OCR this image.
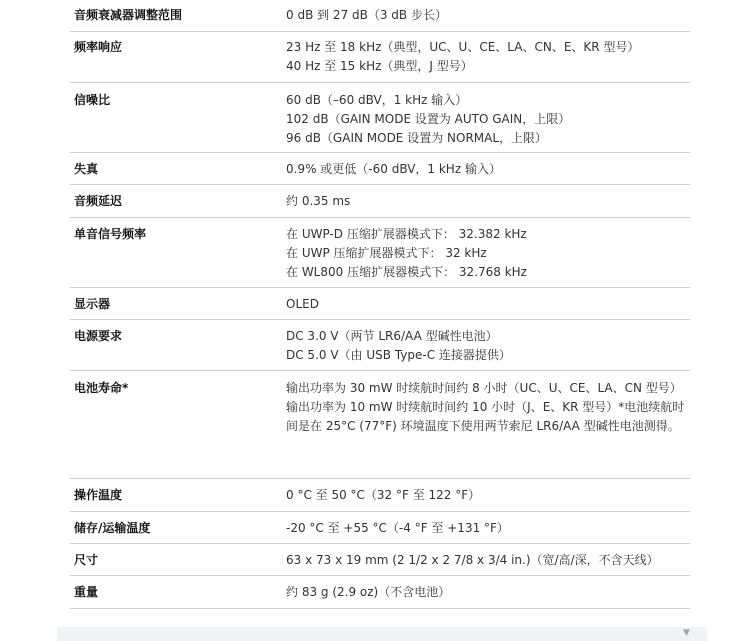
音频衰减器调整范围	0 dB 到 27 dB（3 dB 步长）
频率响应	23 Hz 至 18 kHz（典型，UC、U、CE、LA、CN、E、KR 型号）
40 Hz 至 15 kHz（典型，J 型号）
信噪比	60 dB（–60 dBV，1 kHz 输入）
102 dB（GAIN MODE 设置为 AUTO GAIN，上限）
96 dB（GAIN MODE 设置为 NORMAL，上限）
失真	0.9% 或更低（-60 dBV，1 kHz 输入）
音频延迟	约 0.35 ms
单音信号频率	在 UWP-D 压缩扩展器模式下： 32.382 kHz
在 UWP 压缩扩展器模式下： 32 kHz
在 WL800 压缩扩展器模式下： 32.768 kHz
显示器	OLED
电源要求	DC 3.0 V（两节 LR6/AA 型碱性电池）
DC 5.0 V（由 USB Type-C 连接器提供）
电池寿命*	输出功率为 30 mW 时续航时间约 8 小时（UC、U、CE、LA、CN 型号）
输出功率为 10 mW 时续航时间约 10 小时（J、E、KR 型号）*电池续航时间是在 25°C (77°F) 环境温度下使用两节索尼 LR6/AA 型碱性电池测得。
操作温度	0 °C 至 50 °C（32 °F 至 122 °F）
储存/运输温度	-20 °C 至 +55 °C（-4 °F 至 +131 °F）
尺寸	63 x 73 x 19 mm (2 1/2 x 2 7/8 x 3/4 in.)（宽/高/深，不含天线）
重量	约 83 g (2.9 oz)（不含电池）
▼
